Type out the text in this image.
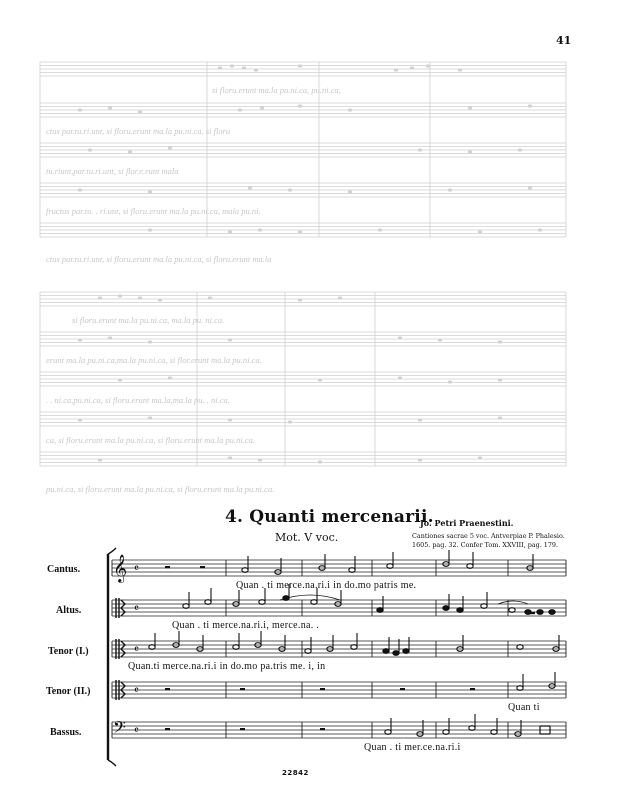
41
si floru.erunt ma.la pu.ni.ca, pu.ni.ca,
ctus par.tu.ri.unt, si floru.erunt ma.la pu.ni.ca, si floru
tu.riunt,par.tu.ri.unt, si flor.e.runt mala
fructus par.tu. . ri.unt, si floru.erunt ma.la pu.ni.ca, mala pu.ni.
ctus par.tu.ri.unt, si floru.erunt ma.la pu.ni.ca, si floru.erunt ma.la
si floru.erunt ma.la pu.ni.ca, ma.la pu. ni.ca.
erunt ma.la pu.ni.ca,ma.la pu.ni.ca, si flor.erunt ma.la pu.ni.ca.
. . ni.ca,pu.ni.ca, si floru.erunt ma.la,ma.la pu. . ni.ca.
ca, si floru.erunt ma.la pu.ni.ca, si floru.erunt ma.la pu.ni.ca.
pu.ni.ca, si floru.erunt ma.la pu.ni.ca, si floru.erunt ma.la pu.ni.ca.
4. Quanti mercenarii.
Mot. V voc.
Jo. Petri Praenestini.
Cantiones sacrae 5 voc. Antverpiae P. Phalesio.
1605. pag. 32. Confer Tom. XXVIII, pag. 179.
𝄞
𝄢
𝄴
𝄴
𝄴
𝄴
𝄴
Cantus.
Altus.
Tenor (I.)
Tenor (II.)
Bassus.
Quan . ti merce.na.ri.i in do.mo patris me.
Quan . ti merce.na.ri.i, merce.na. .
Quan.ti merce.na.ri.i in do.mo pa.tris me. i, in
Quan ti
Quan . ti mer.ce.na.ri.i
22842
